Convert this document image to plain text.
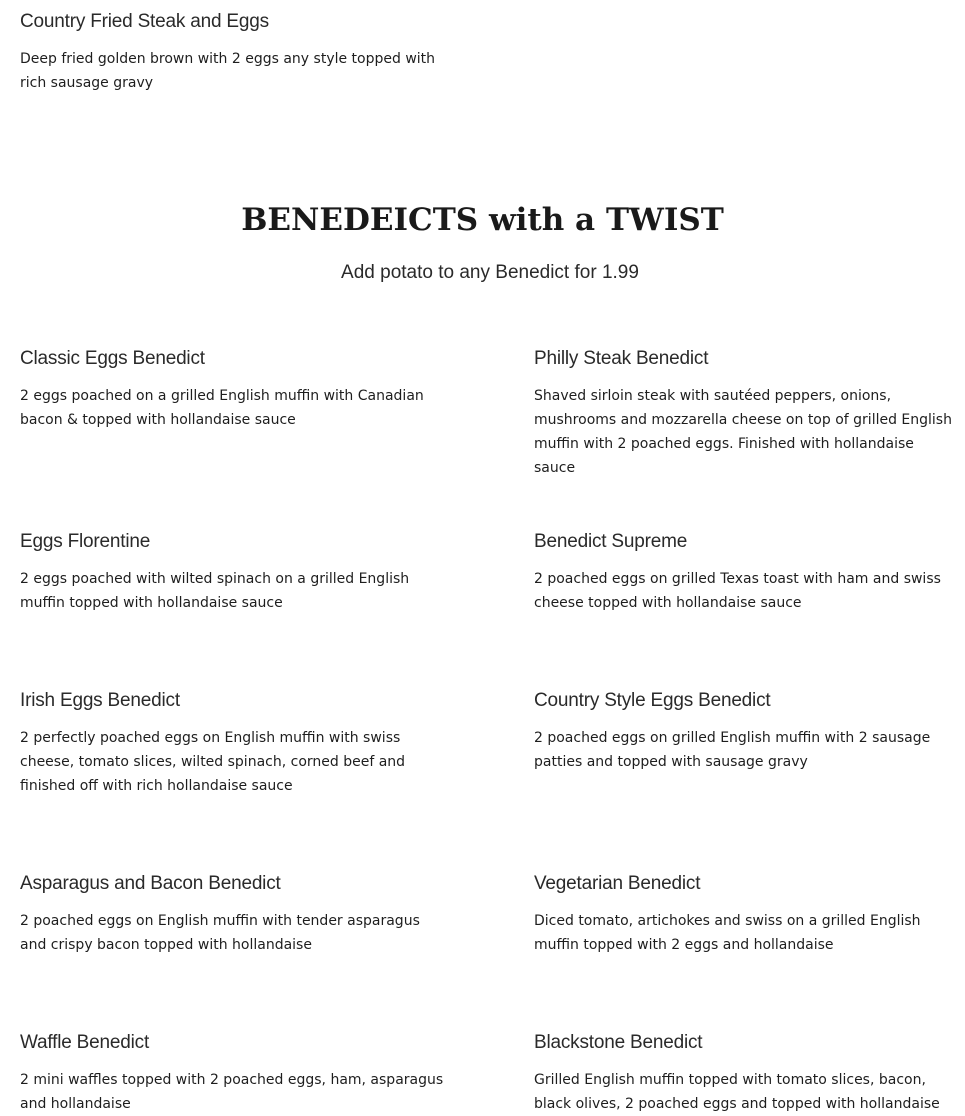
Country Fried Steak and Eggs

Deep fried golden brown with 2 eggs any style topped with rich sausage gravy

BENEDEICTS with a TWIST

Add potato to any Benedict for 1.99

Classic Eggs Benedict

2 eggs poached on a grilled English muffin with Canadian bacon & topped with hollandaise sauce

Philly Steak Benedict

Shaved sirloin steak with sautéed peppers, onions, mushrooms and mozzarella cheese on top of grilled English muffin with 2 poached eggs. Finished with hollandaise sauce

Eggs Florentine

2 eggs poached with wilted spinach on a grilled English muffin topped with hollandaise sauce

Benedict Supreme

2 poached eggs on grilled Texas toast with ham and swiss cheese topped with hollandaise sauce

Irish Eggs Benedict

2 perfectly poached eggs on English muffin with swiss cheese, tomato slices, wilted spinach, corned beef and finished off with rich hollandaise sauce

Country Style Eggs Benedict

2 poached eggs on grilled English muffin with 2 sausage patties and topped with sausage gravy

Asparagus and Bacon Benedict

2 poached eggs on English muffin with tender asparagus and crispy bacon topped with hollandaise

Vegetarian Benedict

Diced tomato, artichokes and swiss on a grilled English muffin topped with 2 eggs and hollandaise

Waffle Benedict

2 mini waffles topped with 2 poached eggs, ham, asparagus and hollandaise

Blackstone Benedict

Grilled English muffin topped with tomato slices, bacon, black olives, 2 poached eggs and topped with hollandaise
